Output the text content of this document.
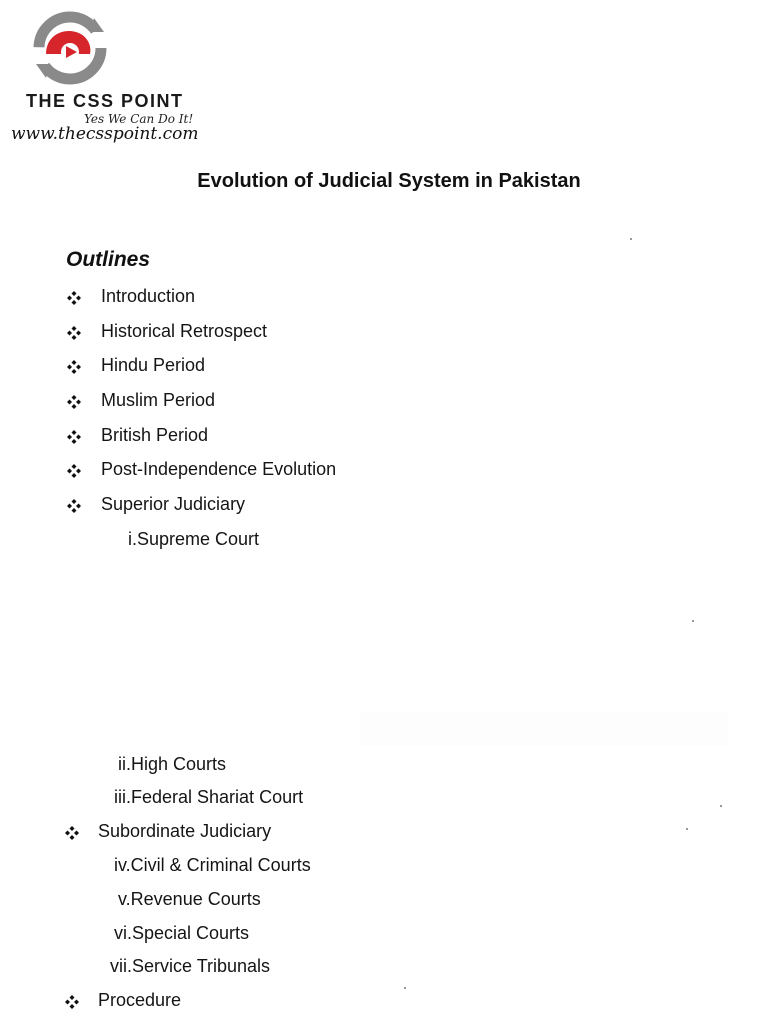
THE CSS POINT
Yes We Can Do It!
www.thecsspoint.com
Evolution of Judicial System in Pakistan
Outlines
Introduction
Historical Retrospect
Hindu Period
Muslim Period
British Period
Post-Independence Evolution
Superior Judiciary
i.Supreme Court
ii.High Courts
iii.Federal Shariat Court
Subordinate Judiciary
iv.Civil & Criminal Courts
v.Revenue Courts
vi.Special Courts
vii.Service Tribunals
Procedure
